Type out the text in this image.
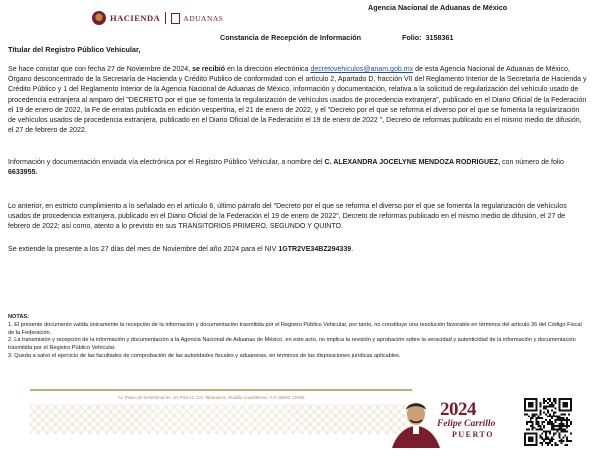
HACIENDA	ADUANAS
Agencia Nacional de Aduanas de México
Constancia de Recepción de Información	Folio: 3158361
Titular del Registro Público Vehicular,
Se hace constar que con fecha 27 de Noviembre de 2024, se recibió en la dirección electrónica decretovehiculos@anam.gob.mx de esta Agencia Nacional de Aduanas de México, Órgano desconcentrado de la Secretaría de Hacienda y Crédito Publico de conformidad con el artículo 2, Apartado D, fracción VII del Reglamento Interior de la Secretaría de Hacienda y Crédito Público y 1 del Reglamento Interior de la Agencia Nacional de Aduanas de México, información y documentación, relativa a la solicitud de regularización del vehículo usado de procedencia extranjera al amparo del "DECRETO por el que se fomenta la regularización de vehículos usados de procedencia extranjera", publicado en el Diario Oficial de la Federación el 19 de enero de 2022, la Fe de erratas publicada en edición vespertina, el 21 de enero de 2022, y el "Decreto por el que se reforma el diverso por el que se fomenta la regularización de vehículos usados de procedencia extranjera, publicado en el Diario Oficial de la Federación el 19 de enero de 2022 ", Decreto de reformas publicado en el mismo medio de difusión, el 27 de febrero de 2022.
Información y documentación enviada vía electrónica por el Registro Público Vehicular, a nombre del C. ALEXANDRA JOCELYNE MENDOZA RODRIGUEZ, con número de folio 6633955.
Lo anterior, en estricto cumplimiento a lo señalado en el artículo 6, último párrafo del "Decreto por el que se reforma el diverso por el que se fomenta la regularización de vehículos usados de procedencia extranjera, publicado en el Diario Oficial de la Federación el 19 de enero de 2022", Decreto de reformas publicado en el mismo medio de difusión, el 27 de febrero de 2022; así como, atento a lo previsto en sus TRANSITORIOS PRIMERO, SEGUNDO Y QUINTO.
Se extiende la presente a los 27 días del mes de Noviembre del año 2024 para el NIV 1GTR2VE34BZ294339.
NOTAS:
1. El presente documento valida únicamente la recepción de la información y documentación trasmitida por el Registro Público Vehicular, por tanto, no constituye una resolución favorable en términos del artículo 36 del Código Fiscal de la Federación.
2. La transmisión y recepción de la información y documentación a la Agencia Nacional de Aduanas de México, en este acto, no implica la revisión y aprobación sobre la veracidad y autenticidad de la información y documentación trasmitida por el Registro Público Vehicular.
3. Queda a salvo el ejercicio de las facultades de comprobación de las autoridades fiscales y aduaneras, en términos de las disposiciones jurídicas aplicables.
Av. Paseo de la Reforma No. 10, Piso 22, Col. Tabacalera, Alcaldía Cuauhtémoc, C.P. 06030, CDMX.
2024
Felipe Carrillo
PUERTO
